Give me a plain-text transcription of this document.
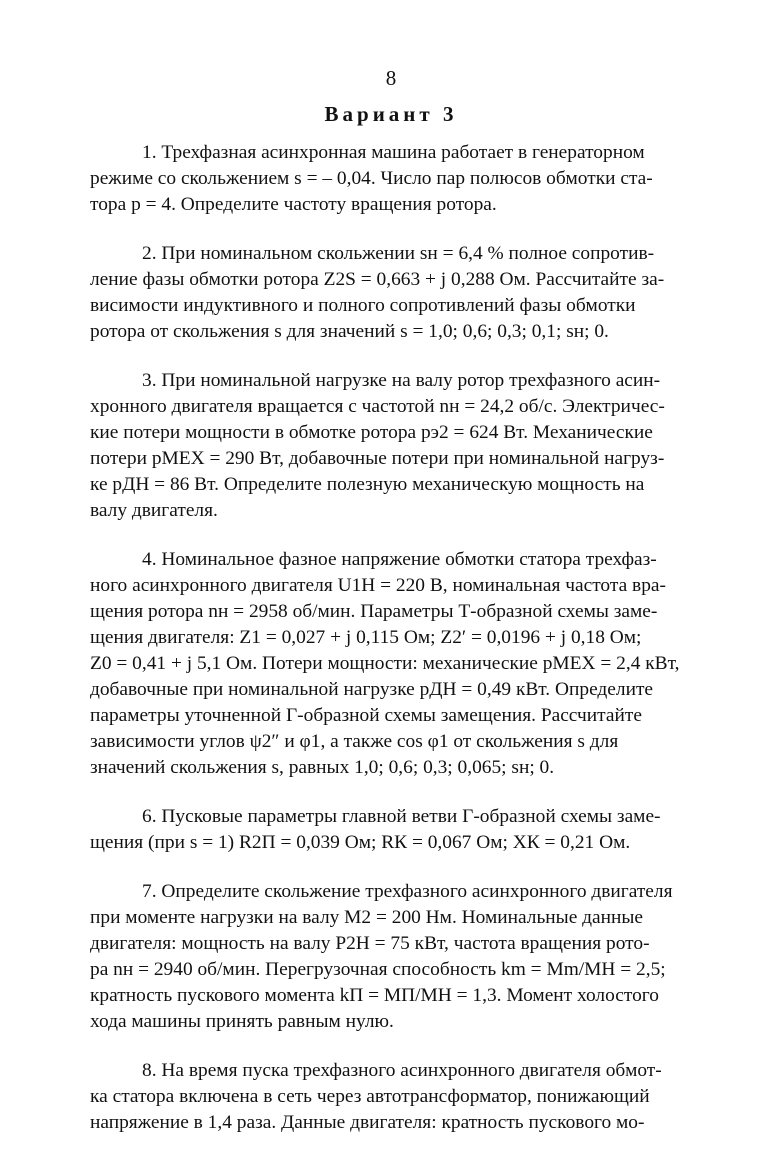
8
Вариант 3
1. Трехфазная асинхронная машина работает в генераторном
режиме со скольжением s = – 0,04. Число пар полюсов обмотки ста-
тора p = 4. Определите частоту вращения ротора.
2. При номинальном скольжении sн = 6,4 % полное сопротив-
ление фазы обмотки ротора Z2S = 0,663 + j 0,288 Ом. Рассчитайте за-
висимости индуктивного и полного сопротивлений фазы обмотки
ротора от скольжения s для значений s = 1,0; 0,6; 0,3; 0,1; sн; 0.
3. При номинальной нагрузке на валу ротор трехфазного асин-
хронного двигателя вращается с частотой nн = 24,2 об/с. Электричес-
кие потери мощности в обмотке ротора pэ2 = 624 Вт. Механические
потери pМЕХ = 290 Вт, добавочные потери при номинальной нагруз-
ке pДН = 86 Вт. Определите полезную механическую мощность на
валу двигателя.
4. Номинальное фазное напряжение обмотки статора трехфаз-
ного асинхронного двигателя U1Н = 220 В, номинальная частота вра-
щения ротора nн = 2958 об/мин. Параметры Т-образной схемы заме-
щения двигателя: Z1 = 0,027 + j 0,115 Ом; Z2′ = 0,0196 + j 0,18 Ом;
Z0 = 0,41 + j 5,1 Ом. Потери мощности: механические pМЕХ = 2,4 кВт,
добавочные при номинальной нагрузке pДН = 0,49 кВт. Определите
параметры уточненной Г-образной схемы замещения. Рассчитайте
зависимости углов ψ2″ и φ1, а также cos φ1 от скольжения s для
значений скольжения s, равных 1,0; 0,6; 0,3; 0,065; sн; 0.
6. Пусковые параметры главной ветви Г-образной схемы заме-
щения (при s = 1) R2П = 0,039 Ом; RК = 0,067 Ом; XК = 0,21 Ом.
7. Определите скольжение трехфазного асинхронного двигателя
при моменте нагрузки на валу M2 = 200 Нм. Номинальные данные
двигателя: мощность на валу P2Н = 75 кВт, частота вращения рото-
ра nн = 2940 об/мин. Перегрузочная способность km = Mm/MН = 2,5;
кратность пускового момента kП = MП/MН = 1,3. Момент холостого
хода машины принять равным нулю.
8. На время пуска трехфазного асинхронного двигателя обмот-
ка статора включена в сеть через автотрансформатор, понижающий
напряжение в 1,4 раза. Данные двигателя: кратность пускового мо-
